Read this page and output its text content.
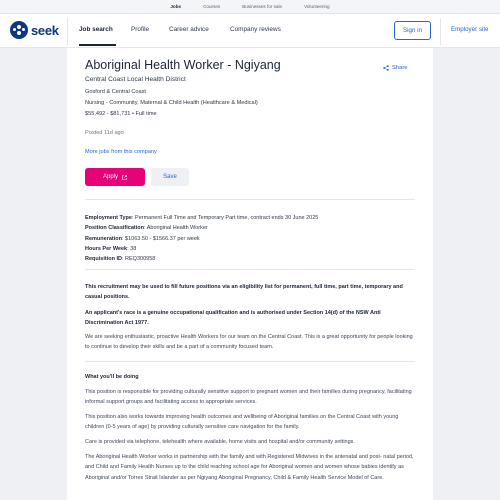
Jobs	Courses	Businesses for sale	Volunteering
seek	Job search	Profile	Career advice	Company reviews	Sign in	Employer site
Aboriginal Health Worker - Ngiyang	Share
Central Coast Local Health District
Gosford & Central Coast
Nursing - Community, Maternal & Child Health (Healthcare & Medical)
$55,492 - $81,731 • Full time
Posted 11d ago
More jobs from this company
Apply	Save
Employment Type: Permanent Full Time and Temporary Part time, contract ends 30 June 2025
Position Classification: Aboriginal Health Worker
Remuneration: $1063.50 - $1566.37 per week
Hours Per Week: 38
Requisition ID: REQ300958

This recruitment may be used to fill future positions via an eligibility list for permanent, full time, part time, temporary and casual positions.

An applicant's race is a genuine occupational qualification and is authorised under Section 14(d) of the NSW Anti Discrimination Act 1977.

We are seeking enthusiastic, proactive Health Workers for our team on the Central Coast. This is a great opportunity for people looking to continue to develop their skills and be a part of a community focused team.

What you'll be doing

This position is responsible for providing culturally sensitive support to pregnant women and their families during pregnancy, facilitating informal support groups and facilitating access to appropriate services.

This position also works towards improving health outcomes and wellbeing of Aboriginal families on the Central Coast with young children (0-5 years of age) by providing culturally sensitive care navigation for the family.

Care is provided via telephone, telehealth where available, home visits and hospital and/or community settings.

The Aboriginal Health Worker works in partnership with the family and with Registered Midwives in the antenatal and post- natal period, and Child and Family Health Nurses up to the child reaching school age for Aboriginal women and women whose babies identify as Aboriginal and/or Torres Strait Islander as per Ngiyang Aboriginal Pregnancy, Child & Family Health Service Model of Care.
